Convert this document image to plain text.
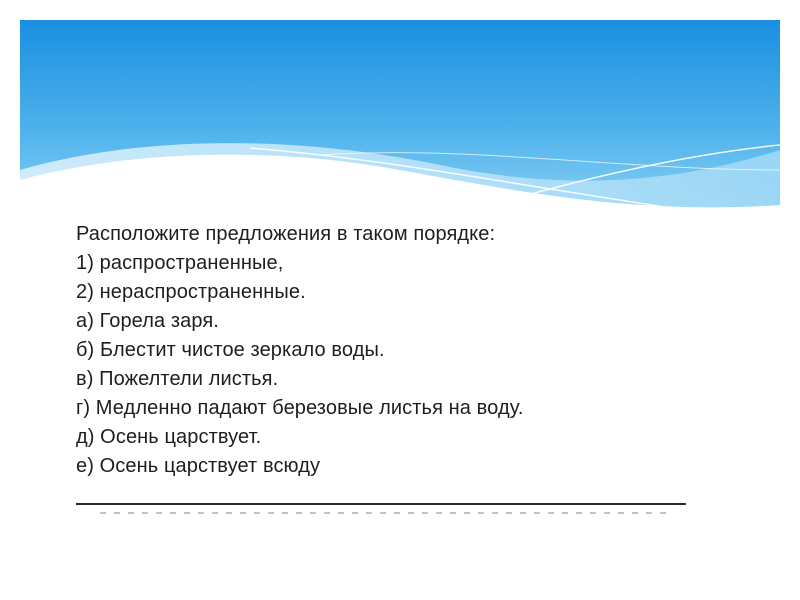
Расположите предложения в таком порядке:
1) распространенные,
2) нераспространенные.
а) Горела заря.
б) Блестит чистое зеркало воды.
в) Пожелтели листья.
г) Медленно падают березовые листья на воду.
д) Осень царствует.
е) Осень царствует всюду
